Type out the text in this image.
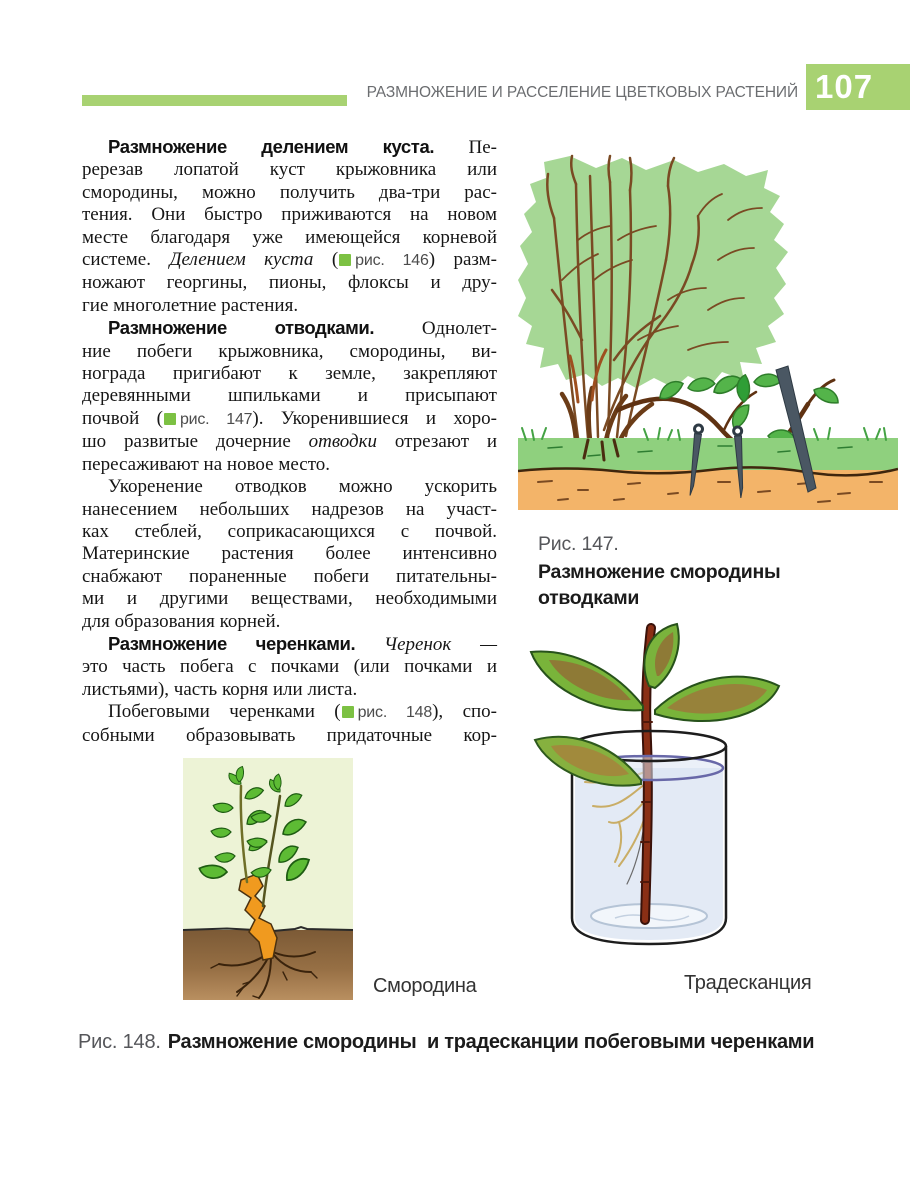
РАЗМНОЖЕНИЕ И РАССЕЛЕНИЕ ЦВЕТКОВЫХ РАСТЕНИЙ 107
Размножение делением куста. Пе-
ререзав лопатой куст крыжовника или
смородины, можно получить два-три рас-
тения. Они быстро приживаются на новом
месте благодаря уже имеющейся корневой
системе. Делением куста ( рис. 146) разм-
ножают георгины, пионы, флоксы и дру-
гие многолетние растения.
Размножение отводками. Однолет-
ние побеги крыжовника, смородины, ви-
нограда пригибают к земле, закрепляют
деревянными шпильками и присыпают
почвой ( рис. 147). Укоренившиеся и хоро-
шо развитые дочерние отводки отрезают и
пересаживают на новое место.
Укоренение отводков можно ускорить
нанесением небольших надрезов на участ-
ках стеблей, соприкасающихся с почвой.
Материнские растения более интенсивно
снабжают пораненные побеги питательны-
ми и другими веществами, необходимыми
для образования корней.
Размножение черенками. Черенок —
это часть побега с почками (или почками и
листьями), часть корня или листа.
Побеговыми черенками ( рис. 148), спо-
собными образовывать придаточные кор-
Рис. 147.
Размножение смородины отводками
Смородина	Традесканция
Рис. 148. Размножение смородины  и традесканции побеговыми черенками
